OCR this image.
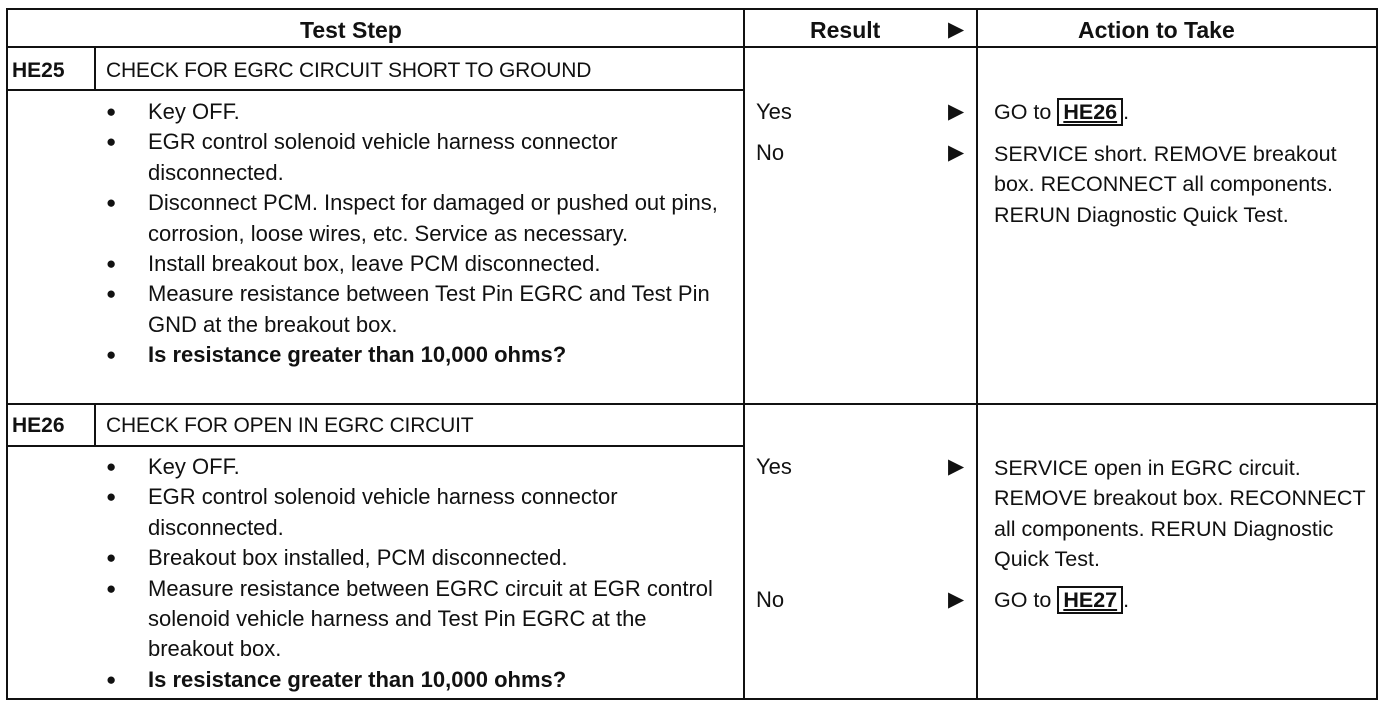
Test Step	Result	▶	Action to Take
HE25 CHECK FOR EGRC CIRCUIT SHORT TO GROUND
● Key OFF.
● EGR control solenoid vehicle harness connector disconnected.
● Disconnect PCM. Inspect for damaged or pushed out pins, corrosion, loose wires, etc. Service as necessary.
● Install breakout box, leave PCM disconnected.
● Measure resistance between Test Pin EGRC and Test Pin GND at the breakout box.
● Is resistance greater than 10,000 ohms?
Yes	▶ GO to HE26 .
No	▶ SERVICE short. REMOVE breakout box. RECONNECT all components. RERUN Diagnostic Quick Test.
HE26 CHECK FOR OPEN IN EGRC CIRCUIT
● Key OFF.
● EGR control solenoid vehicle harness connector disconnected.
● Breakout box installed, PCM disconnected.
● Measure resistance between EGRC circuit at EGR control solenoid vehicle harness and Test Pin EGRC at the breakout box.
● Is resistance greater than 10,000 ohms?
Yes	▶ SERVICE open in EGRC circuit. REMOVE breakout box. RECONNECT all components. RERUN Diagnostic Quick Test.
No	▶ GO to HE27 .
